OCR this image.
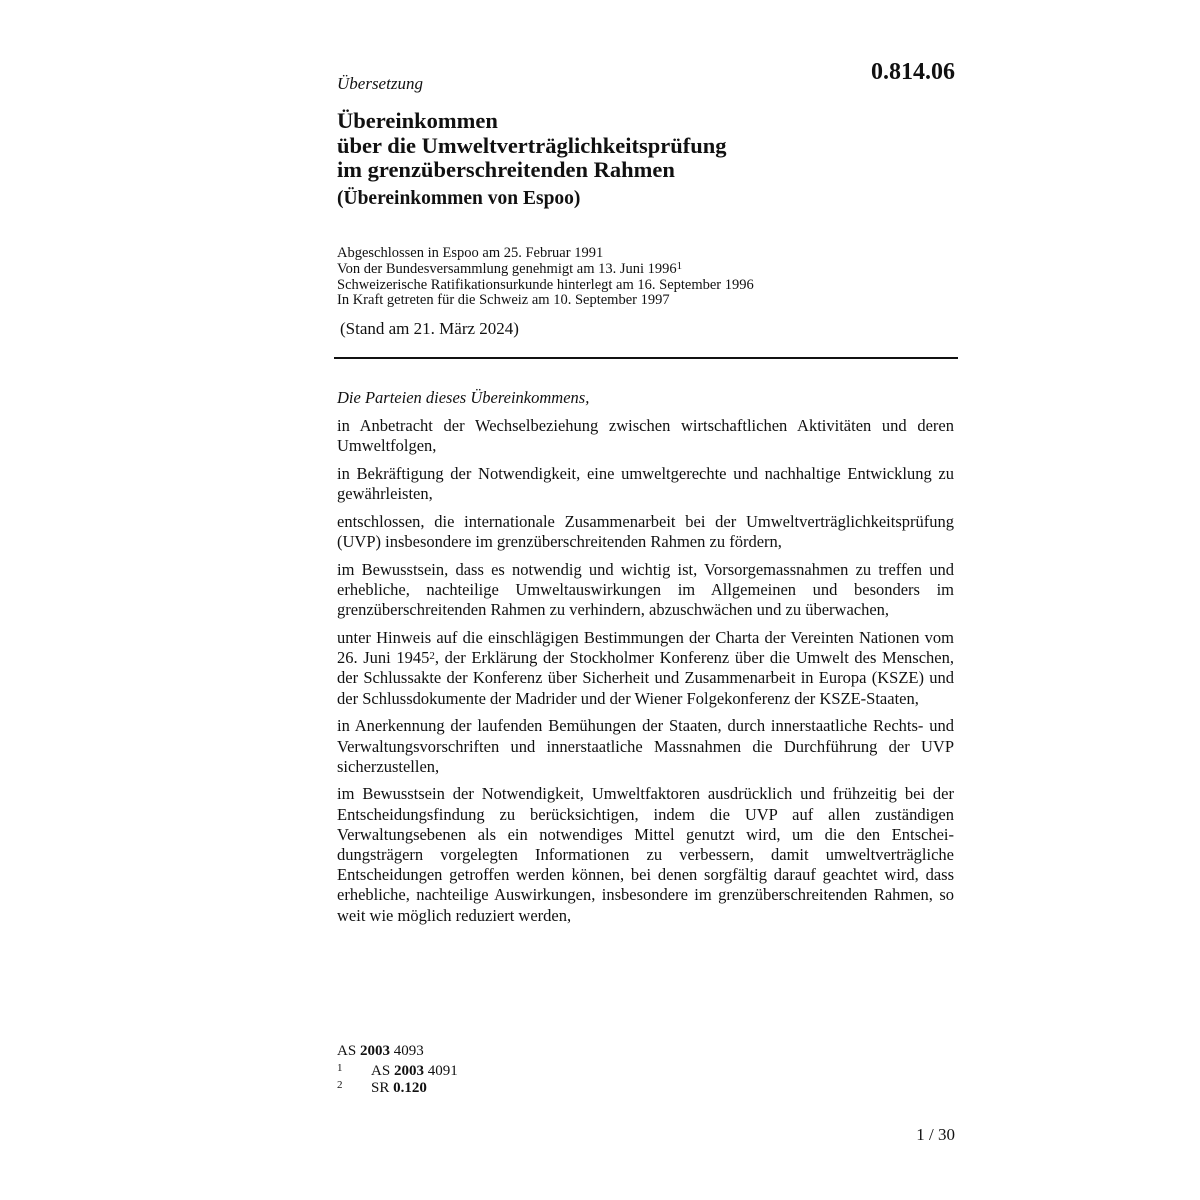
Übersetzung	0.814.06
Übereinkommen
über die Umweltverträglichkeitsprüfung
im grenzüberschreitenden Rahmen
(Übereinkommen von Espoo)
Abgeschlossen in Espoo am 25. Februar 1991
Von der Bundesversammlung genehmigt am 13. Juni 1996$^1$
Schweizerische Ratifikationsurkunde hinterlegt am 16. September 1996
In Kraft getreten für die Schweiz am 10. September 1997
(Stand am 21. März 2024)

Die Parteien dieses Übereinkommens,

in Anbetracht der Wechselbeziehung zwischen wirtschaftlichen Aktivitäten und deren Umweltfolgen,

in Bekräftigung der Notwendigkeit, eine umweltgerechte und nachhaltige Entwicklung zu gewährleisten,

entschlossen, die internationale Zusammenarbeit bei der Umweltverträglichkeitsprüfung (UVP) insbesondere im grenzüberschreitenden Rahmen zu fördern,

im Bewusstsein, dass es notwendig und wichtig ist, Vorsorgemassnahmen zu treffen und erhebliche, nachteilige Umweltauswirkungen im Allgemeinen und besonders im grenzüberschreitenden Rahmen zu verhindern, abzuschwächen und zu überwachen,

unter Hinweis auf die einschlägigen Bestimmungen der Charta der Vereinten Nationen vom 26. Juni 1945$^2$, der Erklärung der Stockholmer Konferenz über die Umwelt des Menschen, der Schlussakte der Konferenz über Sicherheit und Zusammenarbeit in Europa (KSZE) und der Schlussdokumente der Madrider und der Wiener Folgekonferenz der KSZE-Staaten,

in Anerkennung der laufenden Bemühungen der Staaten, durch innerstaatliche Rechts- und Verwaltungsvorschriften und innerstaatliche Massnahmen die Durchführung der UVP sicherzustellen,

im Bewusstsein der Notwendigkeit, Umweltfaktoren ausdrücklich und frühzeitig bei der Entscheidungsfindung zu berücksichtigen, indem die UVP auf allen zuständigen Verwaltungsebenen als ein notwendiges Mittel genutzt wird, um die den Entscheidungsträgern vorgelegten Informationen zu verbessern, damit umweltverträgliche Entscheidungen getroffen werden können, bei denen sorgfältig darauf geachtet wird, dass erhebliche, nachteilige Auswirkungen, insbesondere im grenzüberschreitenden Rahmen, so weit wie möglich reduziert werden,

AS 2003 4093
1 AS 2003 4091
2 SR 0.120
1 / 30
